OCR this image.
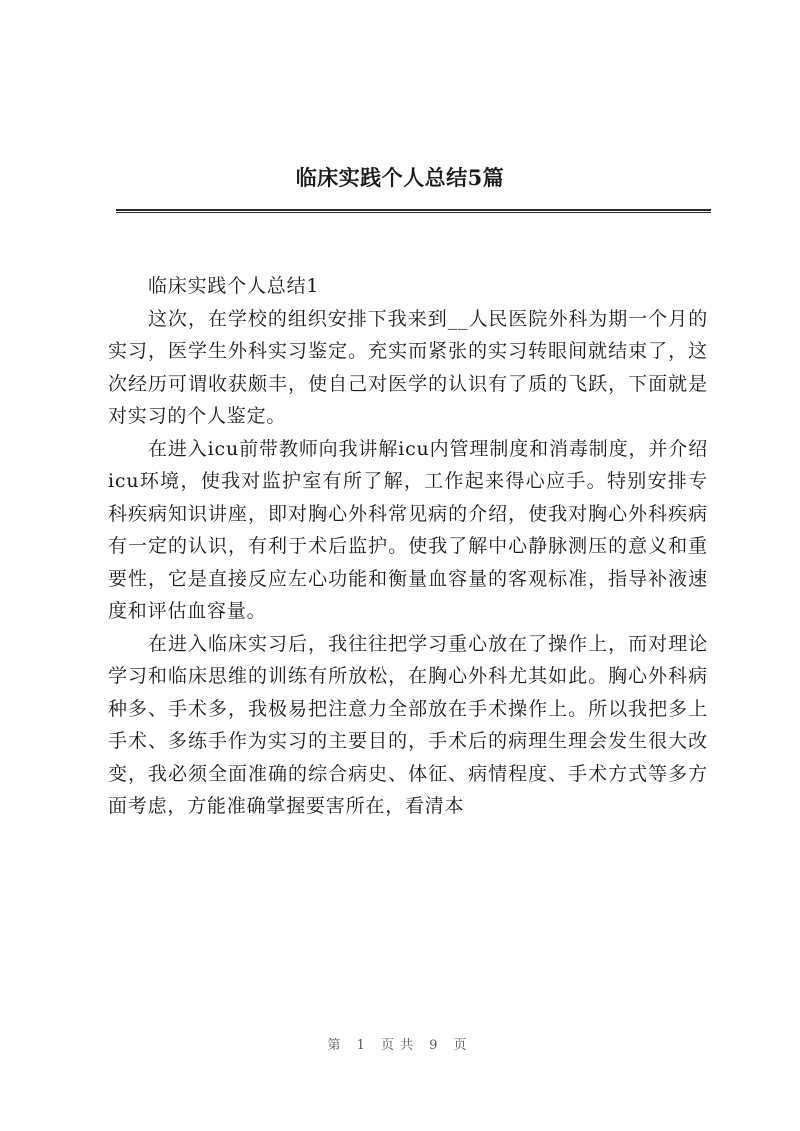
临床实践个人总结5篇

临床实践个人总结1

这次，在学校的组织安排下我来到__人民医院外科为期一个月的实习，医学生外科实习鉴定。充实而紧张的实习转眼间就结束了，这次经历可谓收获颇丰，使自己对医学的认识有了质的飞跃，下面就是对实习的个人鉴定。

在进入icu前带教师向我讲解icu内管理制度和消毒制度，并介绍icu环境，使我对监护室有所了解，工作起来得心应手。特别安排专科疾病知识讲座，即对胸心外科常见病的介绍，使我对胸心外科疾病有一定的认识，有利于术后监护。使我了解中心静脉测压的意义和重要性，它是直接反应左心功能和衡量血容量的客观标准，指导补液速度和评估血容量。

在进入临床实习后，我往往把学习重心放在了操作上，而对理论学习和临床思维的训练有所放松，在胸心外科尤其如此。胸心外科病种多、手术多，我极易把注意力全部放在手术操作上。所以我把多上手术、多练手作为实习的主要目的，手术后的病理生理会发生很大改变，我必须全面准确的综合病史、体征、病情程度、手术方式等多方面考虑，方能准确掌握要害所在，看清本

第 1 页共 9 页
